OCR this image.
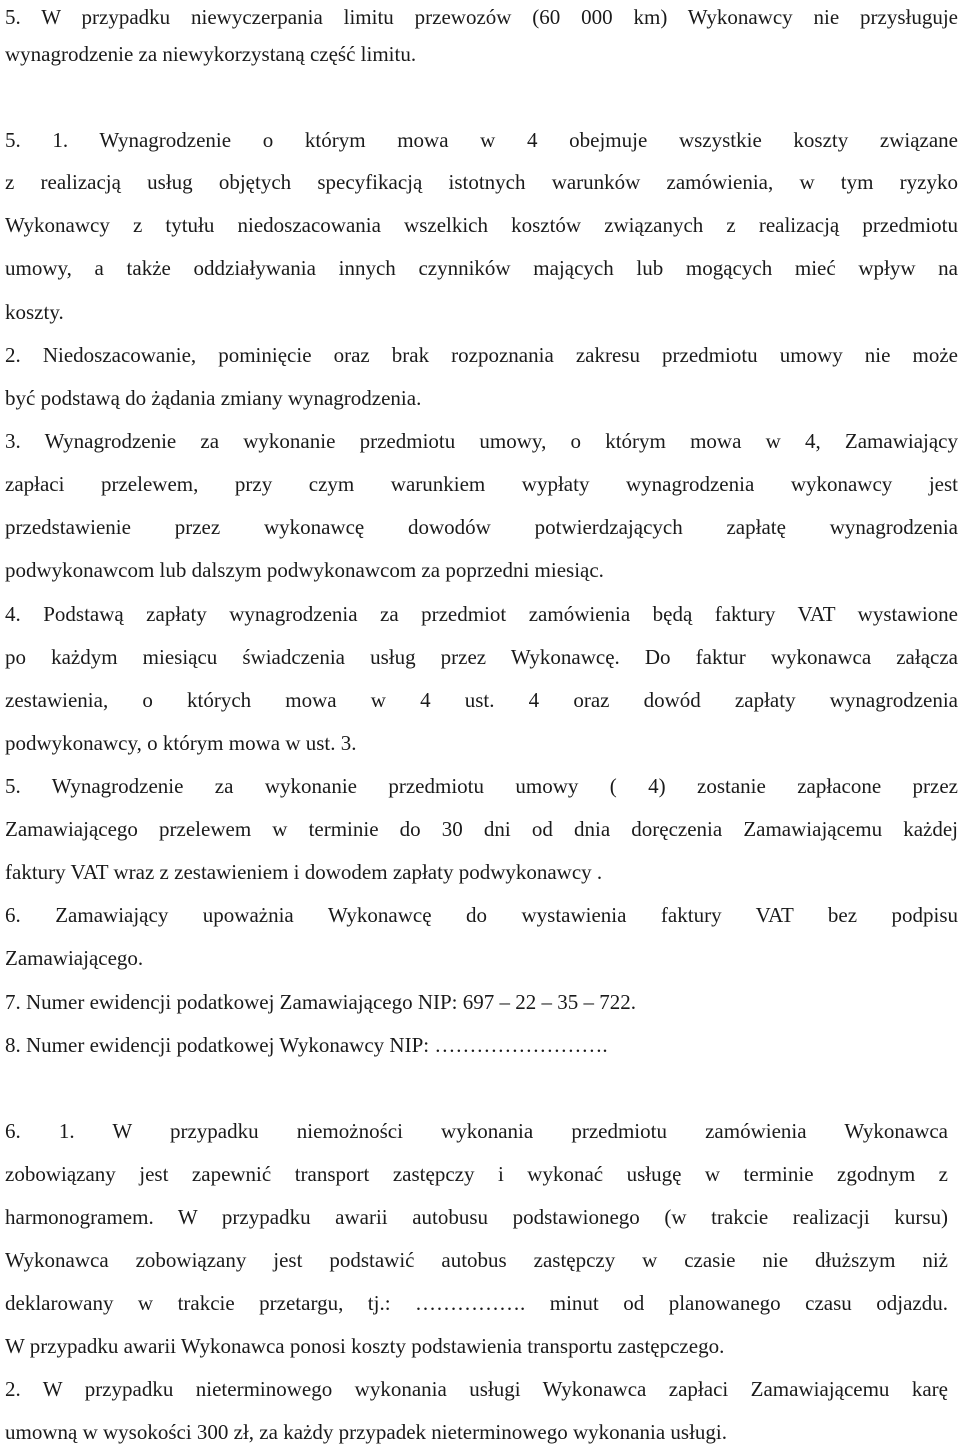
5. W przypadku niewyczerpania limitu przewozów (60 000 km) Wykonawcy nie przysługuje

wynagrodzenie za niewykorzystaną część limitu.

5. 1. Wynagrodzenie o którym mowa w 4 obejmuje wszystkie koszty związane

z realizacją usług objętych specyfikacją istotnych warunków zamówienia, w tym ryzyko

Wykonawcy z tytułu niedoszacowania wszelkich kosztów związanych z realizacją przedmiotu

umowy, a także oddziaływania innych czynników mających lub mogących mieć wpływ na

koszty.

2. Niedoszacowanie, pominięcie oraz brak rozpoznania zakresu przedmiotu umowy nie może

być podstawą do żądania zmiany wynagrodzenia.

3. Wynagrodzenie za wykonanie przedmiotu umowy, o którym mowa w 4, Zamawiający

zapłaci przelewem, przy czym warunkiem wypłaty wynagrodzenia wykonawcy jest

przedstawienie przez wykonawcę dowodów potwierdzających zapłatę wynagrodzenia

podwykonawcom lub dalszym podwykonawcom za poprzedni miesiąc.

4. Podstawą zapłaty wynagrodzenia za przedmiot zamówienia będą faktury VAT wystawione

po każdym miesiącu świadczenia usług przez Wykonawcę. Do faktur wykonawca załącza

zestawienia, o których mowa w 4 ust. 4 oraz dowód zapłaty wynagrodzenia

podwykonawcy, o którym mowa w ust. 3.

5. Wynagrodzenie za wykonanie przedmiotu umowy ( 4) zostanie zapłacone przez

Zamawiającego przelewem w terminie do 30 dni od dnia doręczenia Zamawiającemu każdej

faktury VAT wraz z zestawieniem i dowodem zapłaty podwykonawcy .

6. Zamawiający upoważnia Wykonawcę do wystawienia faktury VAT bez podpisu

Zamawiającego.

7. Numer ewidencji podatkowej Zamawiającego NIP: 697 – 22 – 35 – 722.

8. Numer ewidencji podatkowej Wykonawcy NIP: …………………….

6. 1. W przypadku niemożności wykonania przedmiotu zamówienia Wykonawca

zobowiązany jest zapewnić transport zastępczy i wykonać usługę w terminie zgodnym z

harmonogramem. W przypadku awarii autobusu podstawionego (w trakcie realizacji kursu)

Wykonawca zobowiązany jest podstawić autobus zastępczy w czasie nie dłuższym niż

deklarowany w trakcie przetargu, tj.: ……………. minut od planowanego czasu odjazdu.

W przypadku awarii Wykonawca ponosi koszty podstawienia transportu zastępczego.

2. W przypadku nieterminowego wykonania usługi Wykonawca zapłaci Zamawiającemu karę

umowną w wysokości 300 zł, za każdy przypadek nieterminowego wykonania usługi.
